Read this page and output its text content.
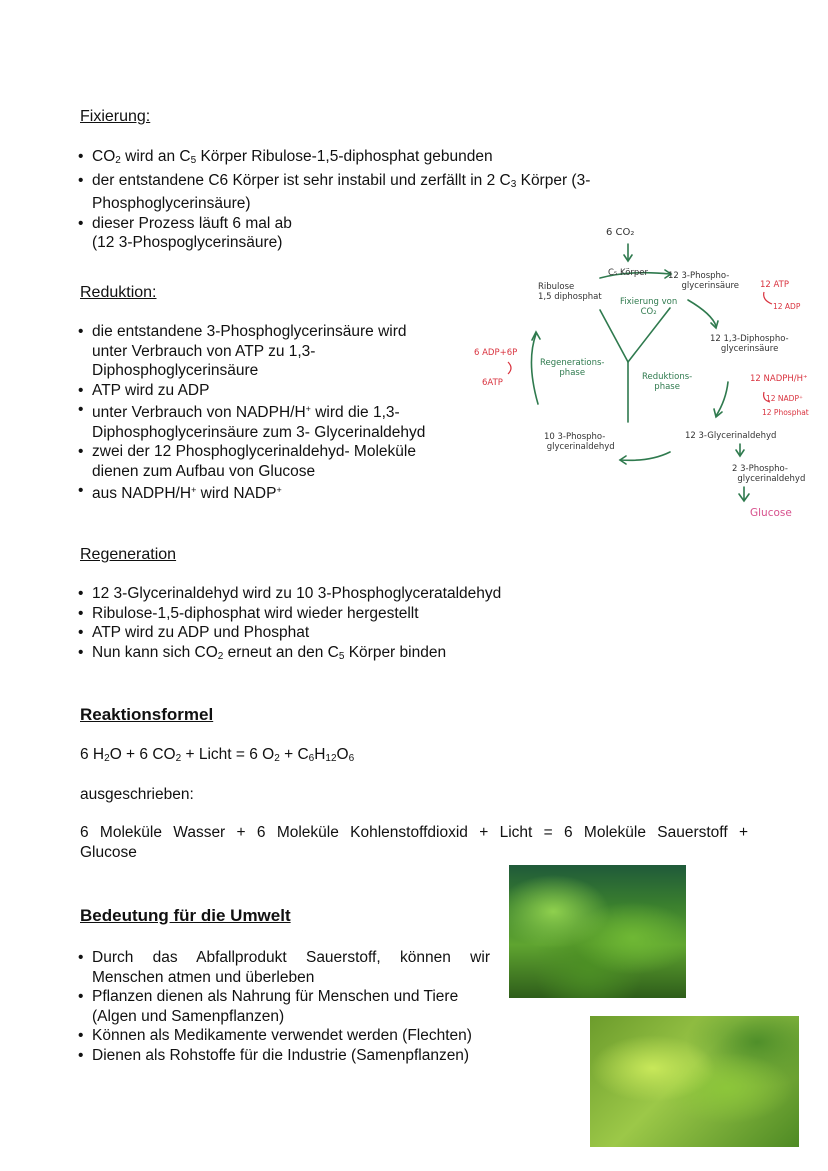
Fixierung:
• $CO_2$ wird an $C_5$ Körper Ribulose-1,5-diphosphat gebunden
• der entstandene C6 Körper ist sehr instabil und zerfällt in 2 $C_3$ Körper (3-
Phosphoglycerinsäure)
• dieser Prozess läuft 6 mal ab
(12 3-Phospoglycerinsäure)
Reduktion:
• die entstandene 3-Phosphoglycerinsäure wird
unter Verbrauch von ATP zu 1,3-
Diphosphoglycerinsäure
• ATP wird zu ADP
• unter Verbrauch von NADPH/H+ wird die 1,3-
Diphosphoglycerinsäure zum 3- Glycerinaldehyd
• zwei der 12 Phosphoglycerinaldehyd- Moleküle
dienen zum Aufbau von Glucose
• aus NADPH/H+ wird NADP+
6 CO₂
C₅ Körper
Ribulose
1,5 diphosphat Fixierung von
CO₂
12 3-Phospho-
glycerinsäure 12 ATP
12 ADP
12 1,3-Diphospho-
glycerinsäure
Regenerations-
phase	Reduktions-
phase
6 ADP+6P
6ATP	12 NADPH/H⁺
12 NADP⁺
12 Phosphat
12 3-Glycerinaldehyd
10 3-Phospho-
glycerinaldehyd
2 3-Phospho-
glycerinaldehyd
Glucose
Regeneration
• 12 3-Glycerinaldehyd wird zu 10 3-Phosphoglycerataldehyd
• Ribulose-1,5-diphosphat wird wieder hergestellt
• ATP wird zu ADP und Phosphat
• Nun kann sich $CO_2$ erneut an den $C_5$ Körper binden
Reaktionsformel
6 $H_2O + 6$ $CO_2$ + Licht = 6 $O_2 + C_6H_{12}O_6$
ausgeschrieben:
6 Moleküle Wasser + 6 Moleküle Kohlenstoffdioxid + Licht = 6 Moleküle Sauerstoff +
Glucose
Bedeutung für die Umwelt
• Durch das Abfallprodukt Sauerstoff, können wir
Menschen atmen und überleben
• Pflanzen dienen als Nahrung für Menschen und Tiere
(Algen und Samenpflanzen)
• Können als Medikamente verwendet werden (Flechten)
• Dienen als Rohstoffe für die Industrie (Samenpflanzen)
